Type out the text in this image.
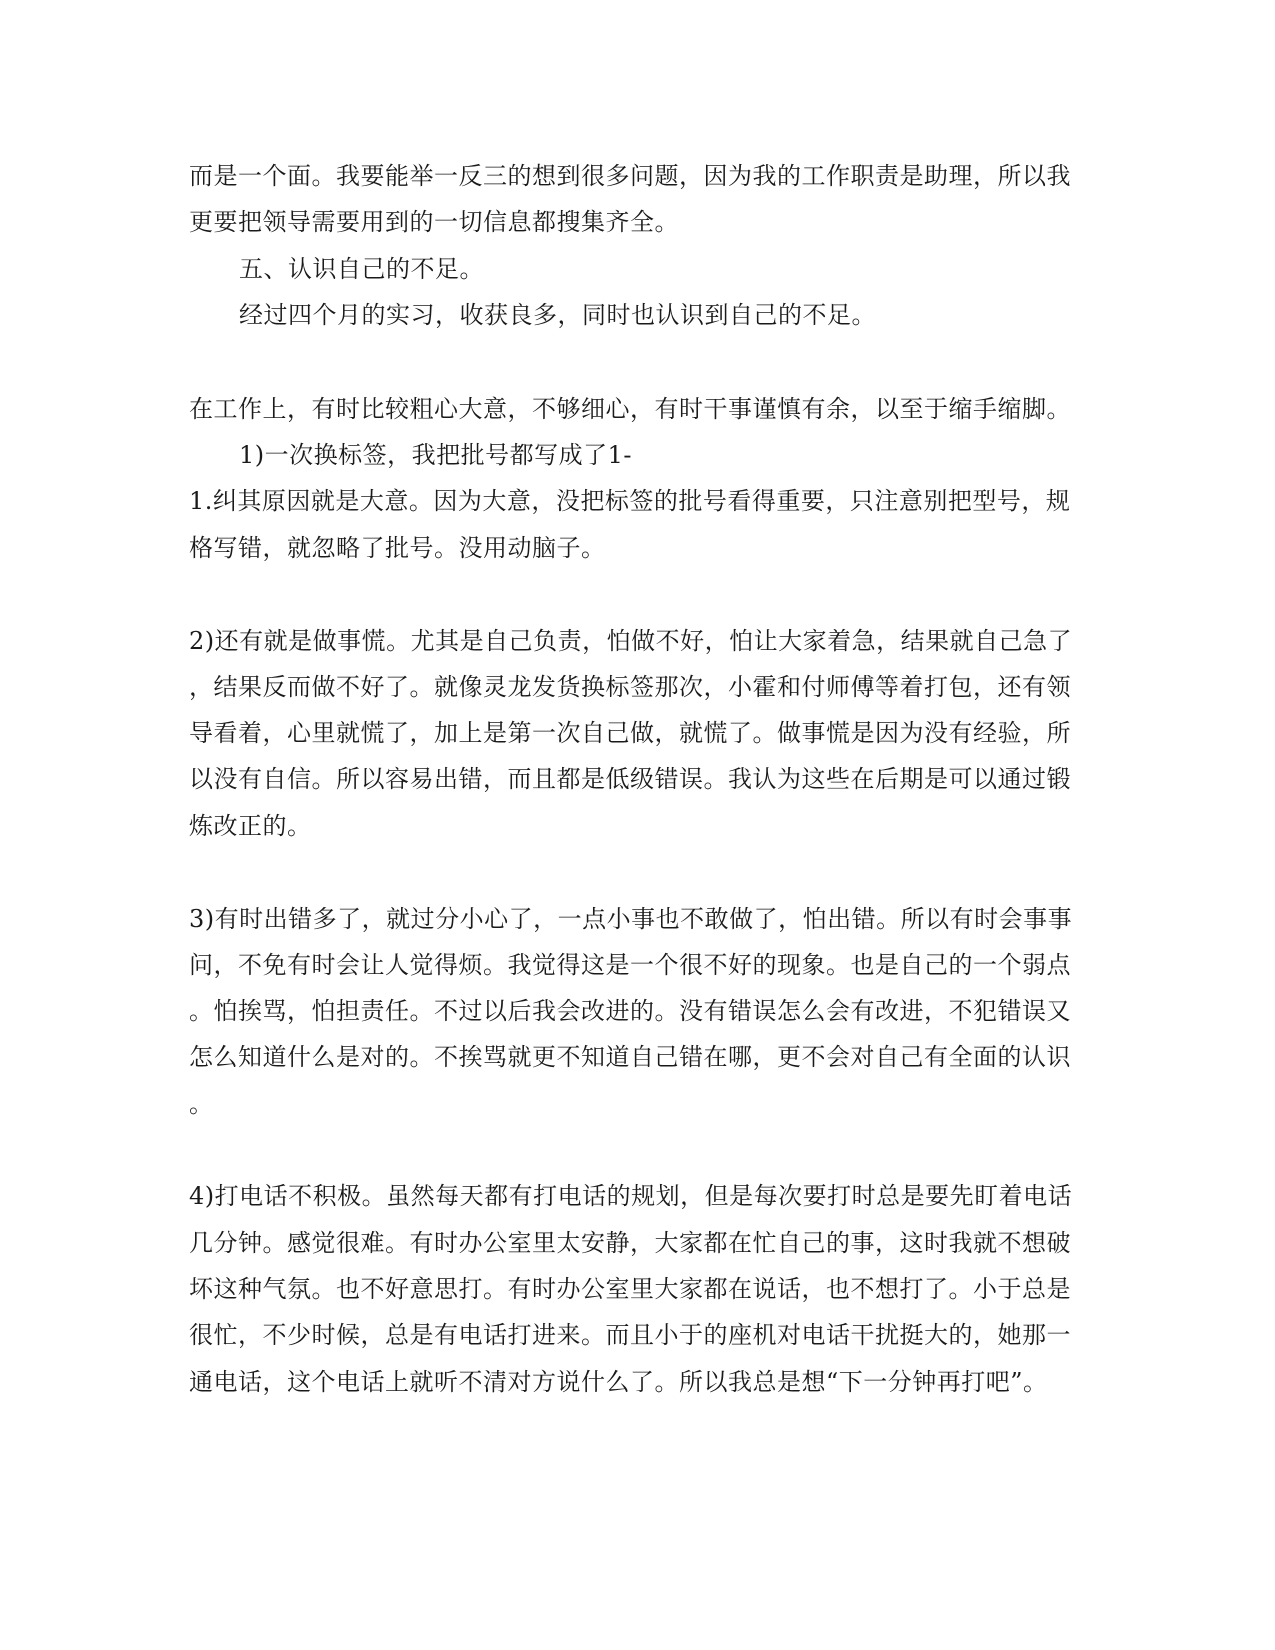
而是一个面。我要能举一反三的想到很多问题，因为我的工作职责是助理，所以我
更要把领导需要用到的一切信息都搜集齐全。
五、认识自己的不足。
经过四个月的实习，收获良多，同时也认识到自己的不足。
在工作上，有时比较粗心大意，不够细心，有时干事谨慎有余，以至于缩手缩脚。
1)一次换标签，我把批号都写成了1-
1.纠其原因就是大意。因为大意，没把标签的批号看得重要，只注意别把型号，规
格写错，就忽略了批号。没用动脑子。
2)还有就是做事慌。尤其是自己负责，怕做不好，怕让大家着急，结果就自己急了
，结果反而做不好了。就像灵龙发货换标签那次，小霍和付师傅等着打包，还有领
导看着，心里就慌了，加上是第一次自己做，就慌了。做事慌是因为没有经验，所
以没有自信。所以容易出错，而且都是低级错误。我认为这些在后期是可以通过锻
炼改正的。
3)有时出错多了，就过分小心了，一点小事也不敢做了，怕出错。所以有时会事事
问，不免有时会让人觉得烦。我觉得这是一个很不好的现象。也是自己的一个弱点
。怕挨骂，怕担责任。不过以后我会改进的。没有错误怎么会有改进，不犯错误又
怎么知道什么是对的。不挨骂就更不知道自己错在哪，更不会对自己有全面的认识
。
4)打电话不积极。虽然每天都有打电话的规划，但是每次要打时总是要先盯着电话
几分钟。感觉很难。有时办公室里太安静，大家都在忙自己的事，这时我就不想破
坏这种气氛。也不好意思打。有时办公室里大家都在说话，也不想打了。小于总是
很忙，不少时候，总是有电话打进来。而且小于的座机对电话干扰挺大的，她那一
通电话，这个电话上就听不清对方说什么了。所以我总是想“下一分钟再打吧”。
